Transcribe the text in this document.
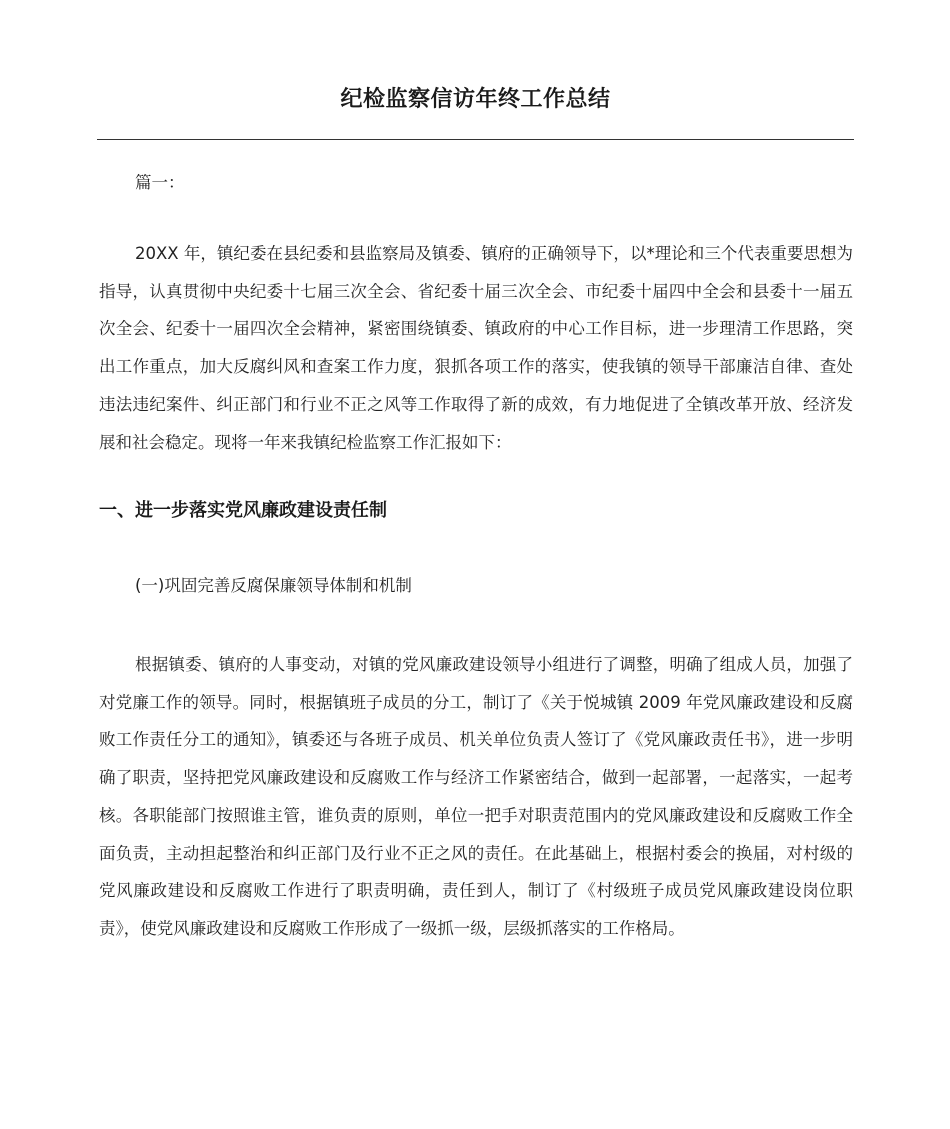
纪检监察信访年终工作总结
篇一：

20XX 年，镇纪委在县纪委和县监察局及镇委、镇府的正确领导下，以*理论和三个代表重要思想为指导，认真贯彻中央纪委十七届三次全会、省纪委十届三次全会、市纪委十届四中全会和县委十一届五次全会、纪委十一届四次全会精神，紧密围绕镇委、镇政府的中心工作目标，进一步理清工作思路，突出工作重点，加大反腐纠风和查案工作力度，狠抓各项工作的落实，使我镇的领导干部廉洁自律、查处违法违纪案件、纠正部门和行业不正之风等工作取得了新的成效，有力地促进了全镇改革开放、经济发展和社会稳定。现将一年来我镇纪检监察工作汇报如下：

一、进一步落实党风廉政建设责任制
(一)巩固完善反腐保廉领导体制和机制

根据镇委、镇府的人事变动，对镇的党风廉政建设领导小组进行了调整，明确了组成人员，加强了对党廉工作的领导。同时，根据镇班子成员的分工，制订了《关于悦城镇 2009 年党风廉政建设和反腐败工作责任分工的通知》，镇委还与各班子成员、机关单位负责人签订了《党风廉政责任书》，进一步明确了职责，坚持把党风廉政建设和反腐败工作与经济工作紧密结合，做到一起部署，一起落实，一起考核。各职能部门按照谁主管，谁负责的原则，单位一把手对职责范围内的党风廉政建设和反腐败工作全面负责，主动担起整治和纠正部门及行业不正之风的责任。在此基础上，根据村委会的换届，对村级的党风廉政建设和反腐败工作进行了职责明确，责任到人，制订了《村级班子成员党风廉政建设岗位职责》，使党风廉政建设和反腐败工作形成了一级抓一级，层级抓落实的工作格局。
